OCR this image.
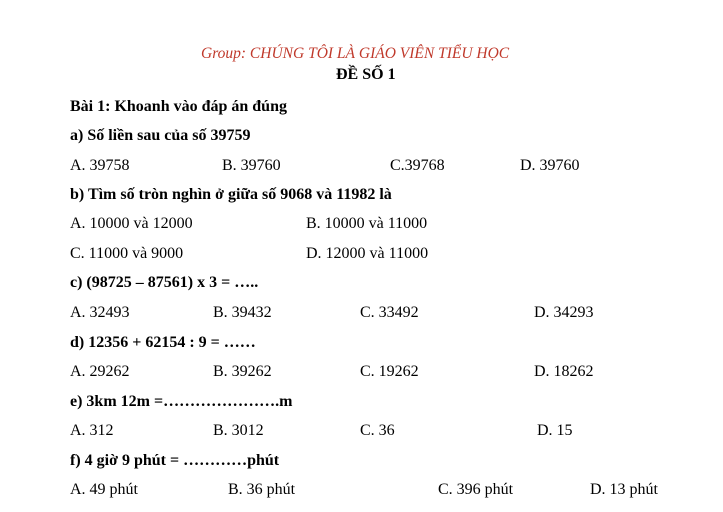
Group: CHÚNG TÔI LÀ GIÁO VIÊN TIỂU HỌC
ĐỀ SỐ 1
Bài 1: Khoanh vào đáp án đúng
a) Số liền sau của số 39759
A. 39758	B. 39760	C.39768	D. 39760
b) Tìm số tròn nghìn ở giữa số 9068 và 11982 là
A. 10000 và 12000	B. 10000 và 11000
C. 11000 và 9000	D. 12000 và 11000
c) (98725 – 87561) x 3 = …..
A. 32493	B. 39432	C. 33492	D. 34293
d) 12356 + 62154 : 9 = ……
A. 29262	B. 39262	C. 19262	D. 18262
e) 3km 12m =………………….m
A. 312	B. 3012	C. 36	D. 15
f) 4 giờ 9 phút = …………phút
A. 49 phút	B. 36 phút	C. 396 phút	D. 13 phút
